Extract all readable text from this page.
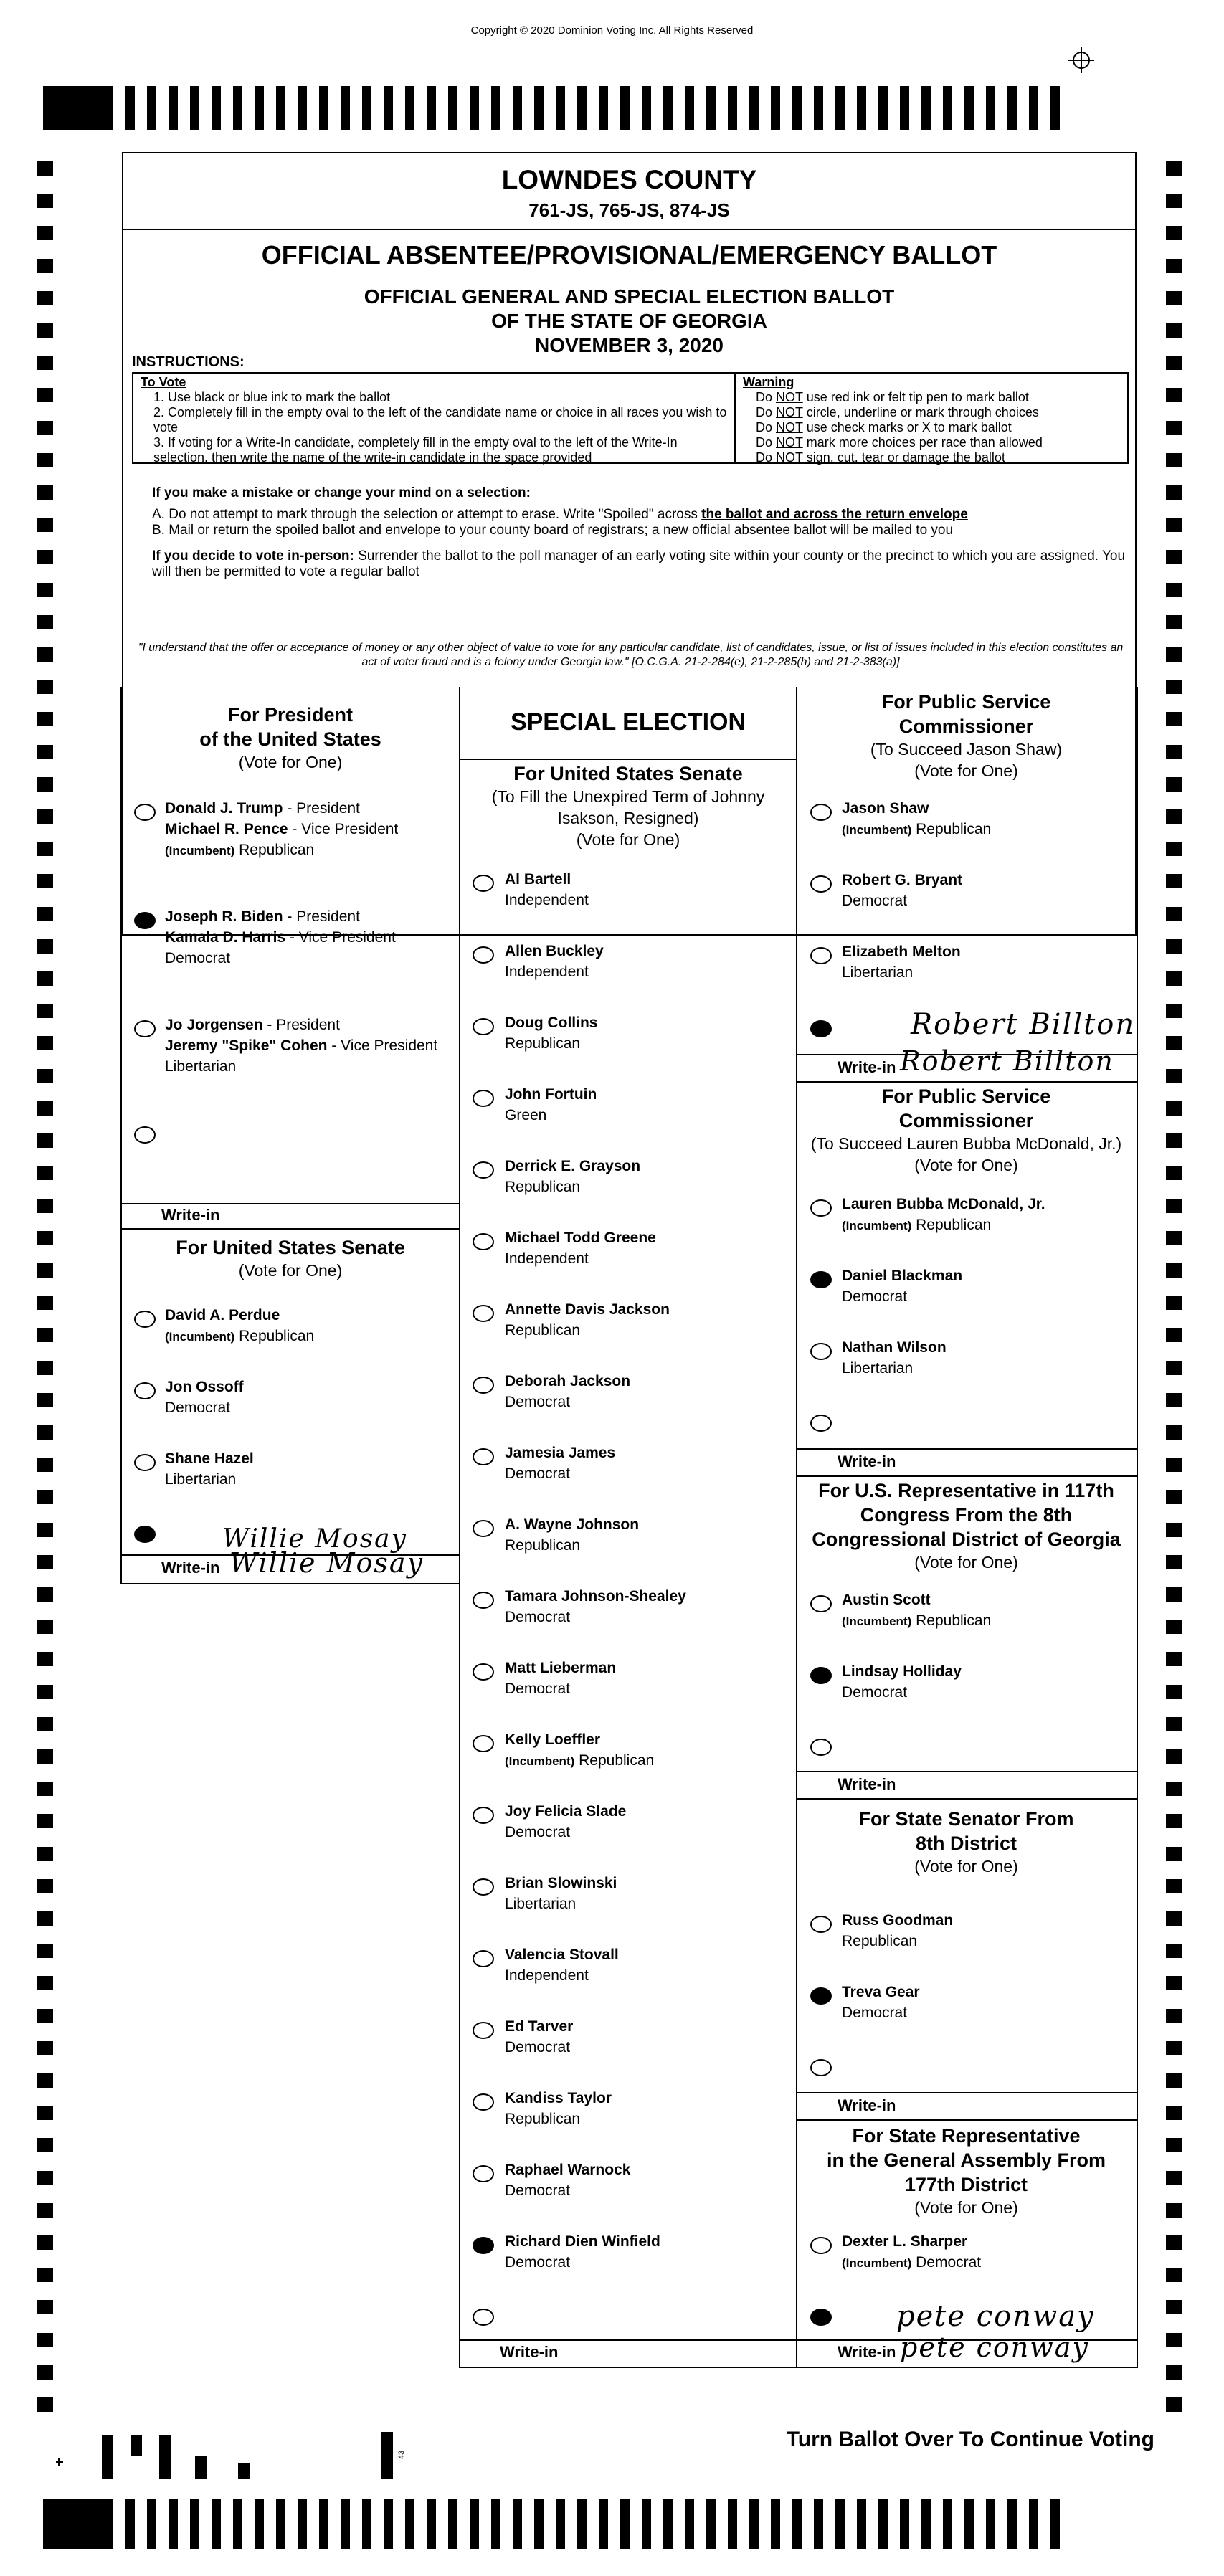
Copyright © 2020 Dominion Voting Inc. All Rights Reserved
LOWNDES COUNTY
761-JS, 765-JS, 874-JS
OFFICIAL ABSENTEE/PROVISIONAL/EMERGENCY BALLOT
OFFICIAL GENERAL AND SPECIAL ELECTION BALLOT
OF THE STATE OF GEORGIA
NOVEMBER 3, 2020
INSTRUCTIONS:
To Vote
1. Use black or blue ink to mark the ballot
2. Completely fill in the empty oval to the left of the candidate name or choice in all races you wish to vote
3. If voting for a Write-In candidate, completely fill in the empty oval to the left of the Write-In selection, then write the name of the write-in candidate in the space provided
Warning
Do NOT use red ink or felt tip pen to mark ballot
Do NOT circle, underline or mark through choices
Do NOT use check marks or X to mark ballot
Do NOT mark more choices per race than allowed
Do NOT sign, cut, tear or damage the ballot
If you make a mistake or change your mind on a selection:
A. Do not attempt to mark through the selection or attempt to erase. Write "Spoiled" across the ballot and across the return envelope
B. Mail or return the spoiled ballot and envelope to your county board of registrars; a new official absentee ballot will be mailed to you
If you decide to vote in-person: Surrender the ballot to the poll manager of an early voting site within your county or the precinct to which you are assigned. You will then be permitted to vote a regular ballot
"I understand that the offer or acceptance of money or any other object of value to vote for any particular candidate, list of candidates, issue, or list of issues included in this election constitutes an act of voter fraud and is a felony under Georgia law." [O.C.G.A. 21-2-284(e), 21-2-285(h) and 21-2-383(a)]
For President
of the United States
(Vote for One)
Donald J. Trump - President
Michael R. Pence - Vice President
(Incumbent) Republican
Joseph R. Biden - President
Kamala D. Harris - Vice President
Democrat
Jo Jorgensen - President
Jeremy "Spike" Cohen - Vice President
Libertarian
Write-in
For United States Senate
(Vote for One)
David A. Perdue
(Incumbent) Republican
Jon Ossoff
Democrat
Shane Hazel
Libertarian
Willie Mosay
Write-in Willie Mosay
SPECIAL ELECTION
For United States Senate
(To Fill the Unexpired Term of Johnny
Isakson, Resigned)
(Vote for One)
Al Bartell
Independent
Allen Buckley
Independent
Doug Collins
Republican
John Fortuin
Green
Derrick E. Grayson
Republican
Michael Todd Greene
Independent
Annette Davis Jackson
Republican
Deborah Jackson
Democrat
Jamesia James
Democrat
A. Wayne Johnson
Republican
Tamara Johnson-Shealey
Democrat
Matt Lieberman
Democrat
Kelly Loeffler
(Incumbent) Republican
Joy Felicia Slade
Democrat
Brian Slowinski
Libertarian
Valencia Stovall
Independent
Ed Tarver
Democrat
Kandiss Taylor
Republican
Raphael Warnock
Democrat
Richard Dien Winfield
Democrat
Write-in
For Public Service
Commissioner
(To Succeed Jason Shaw)
(Vote for One)
Jason Shaw
(Incumbent) Republican
Robert G. Bryant
Democrat
Elizabeth Melton
Libertarian
Robert Billton
Write-in Robert Billton
For Public Service
Commissioner
(To Succeed Lauren Bubba McDonald, Jr.)
(Vote for One)
Lauren Bubba McDonald, Jr.
(Incumbent) Republican
Daniel Blackman
Democrat
Nathan Wilson
Libertarian
Write-in
For U.S. Representative in 117th
Congress From the 8th
Congressional District of Georgia
(Vote for One)
Austin Scott
(Incumbent) Republican
Lindsay Holliday
Democrat
Write-in
For State Senator From
8th District
(Vote for One)
Russ Goodman
Republican
Treva Gear
Democrat
Write-in
For State Representative
in the General Assembly From
177th District
(Vote for One)
Dexter L. Sharper
(Incumbent) Democrat
pete conway
Write-in pete conway
43
Turn Ballot Over To Continue Voting
